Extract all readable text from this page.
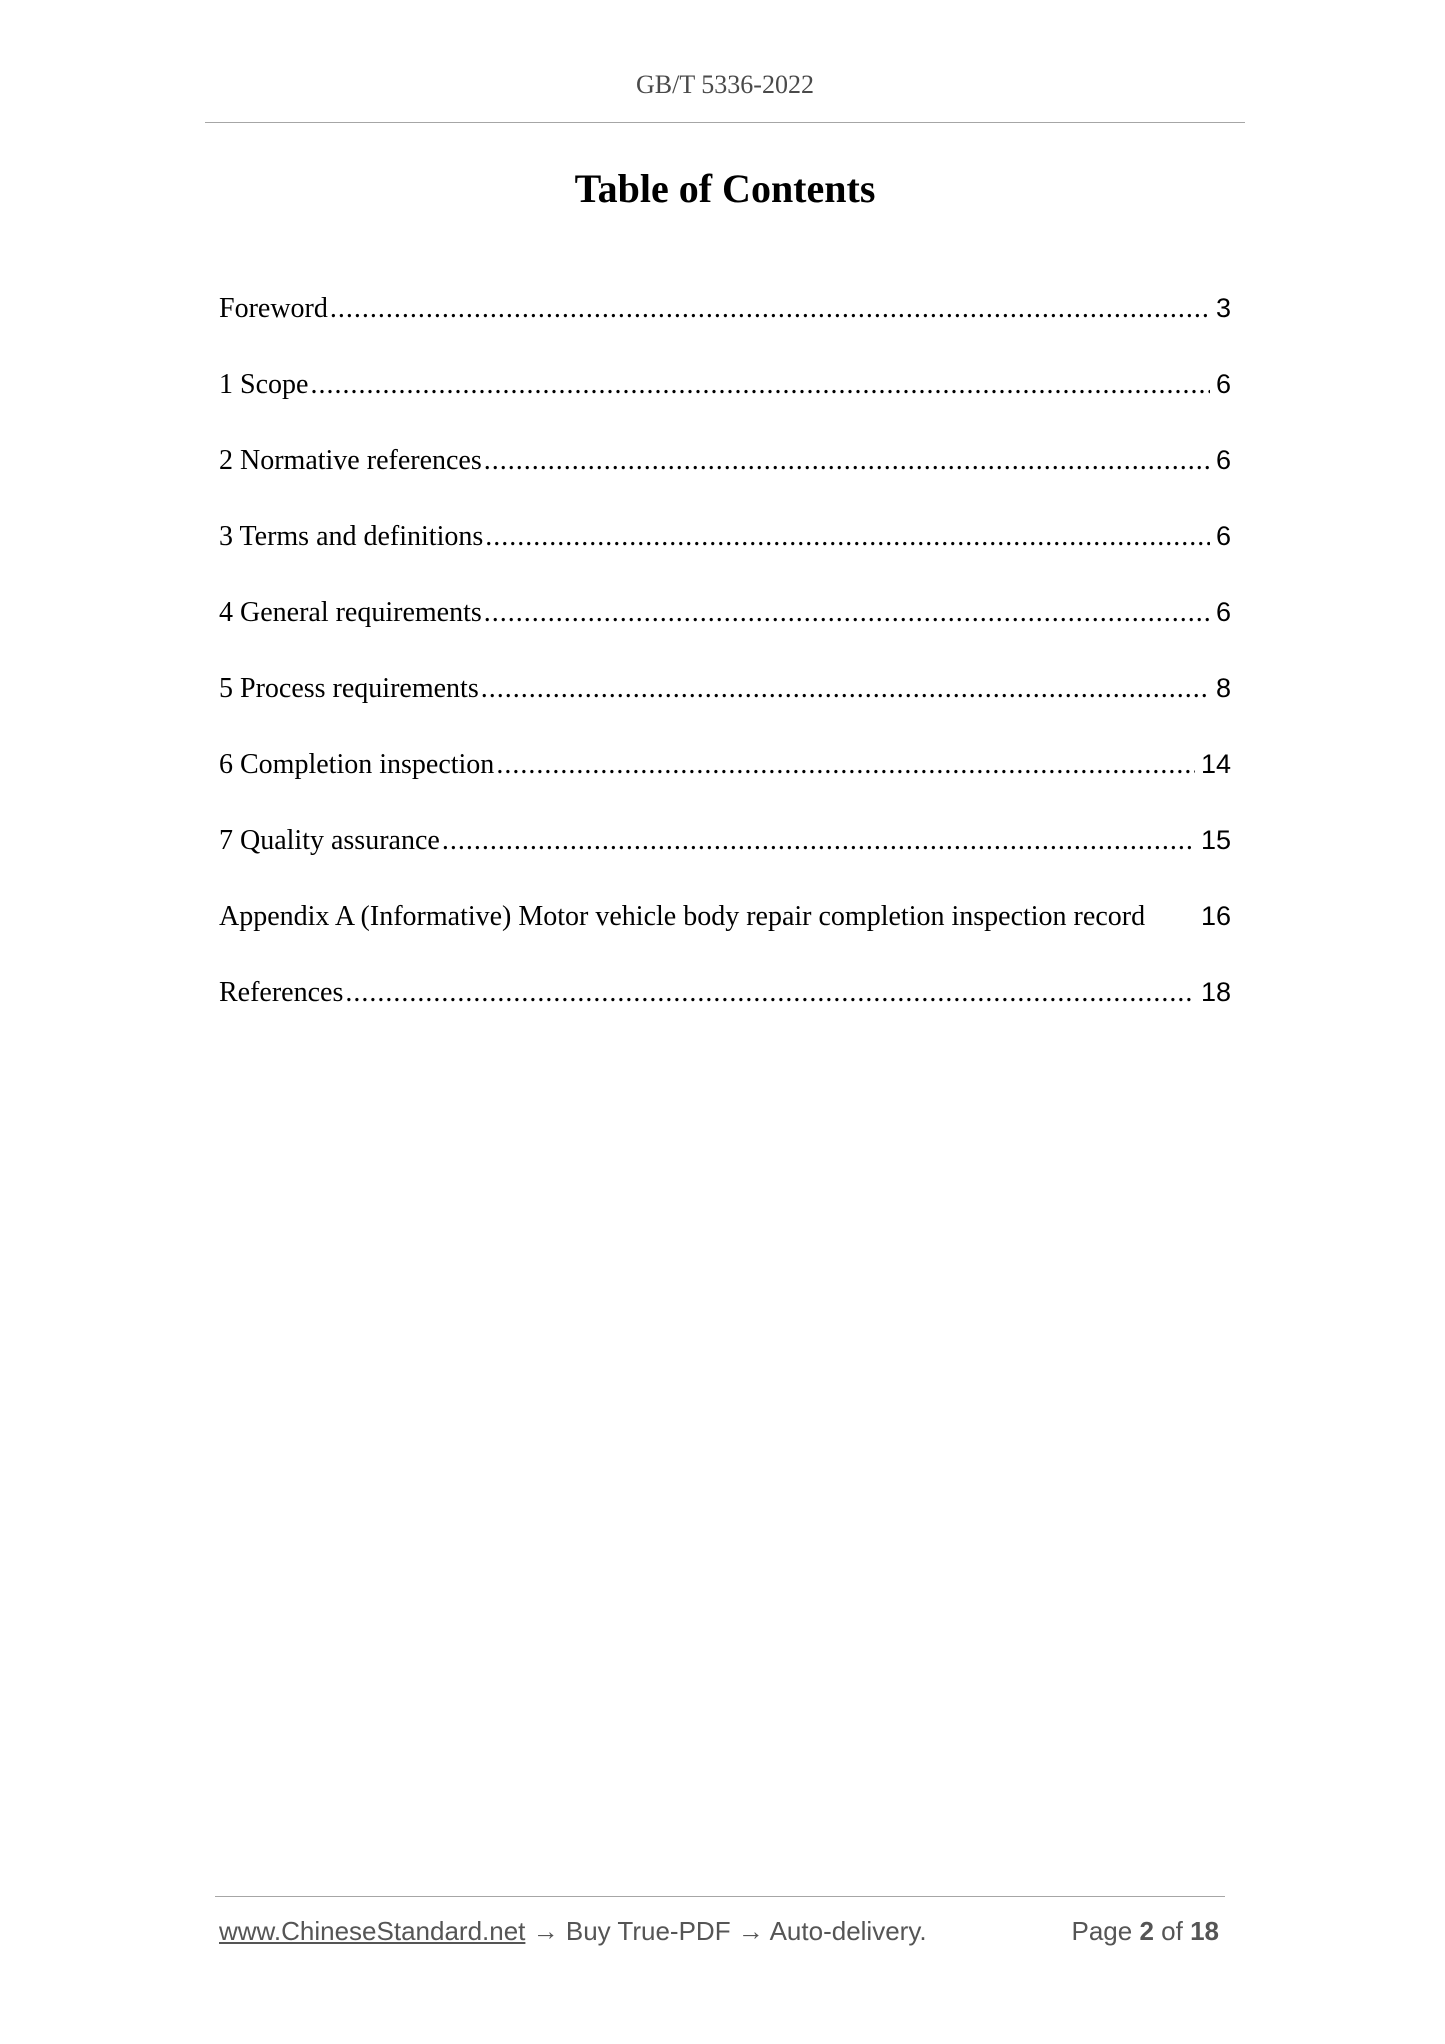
GB/T 5336-2022
Table of Contents
Foreword .....	3
1 Scope .....	6
2 Normative references .....	6
3 Terms and definitions .....	6
4 General requirements .....	6
5 Process requirements .....	8
6 Completion inspection .....	14
7 Quality assurance .....	15
Appendix A (Informative) Motor vehicle body repair completion inspection record 16
References .....	18
www.ChineseStandard.net → Buy True-PDF → Auto-delivery.	Page 2 of 18
